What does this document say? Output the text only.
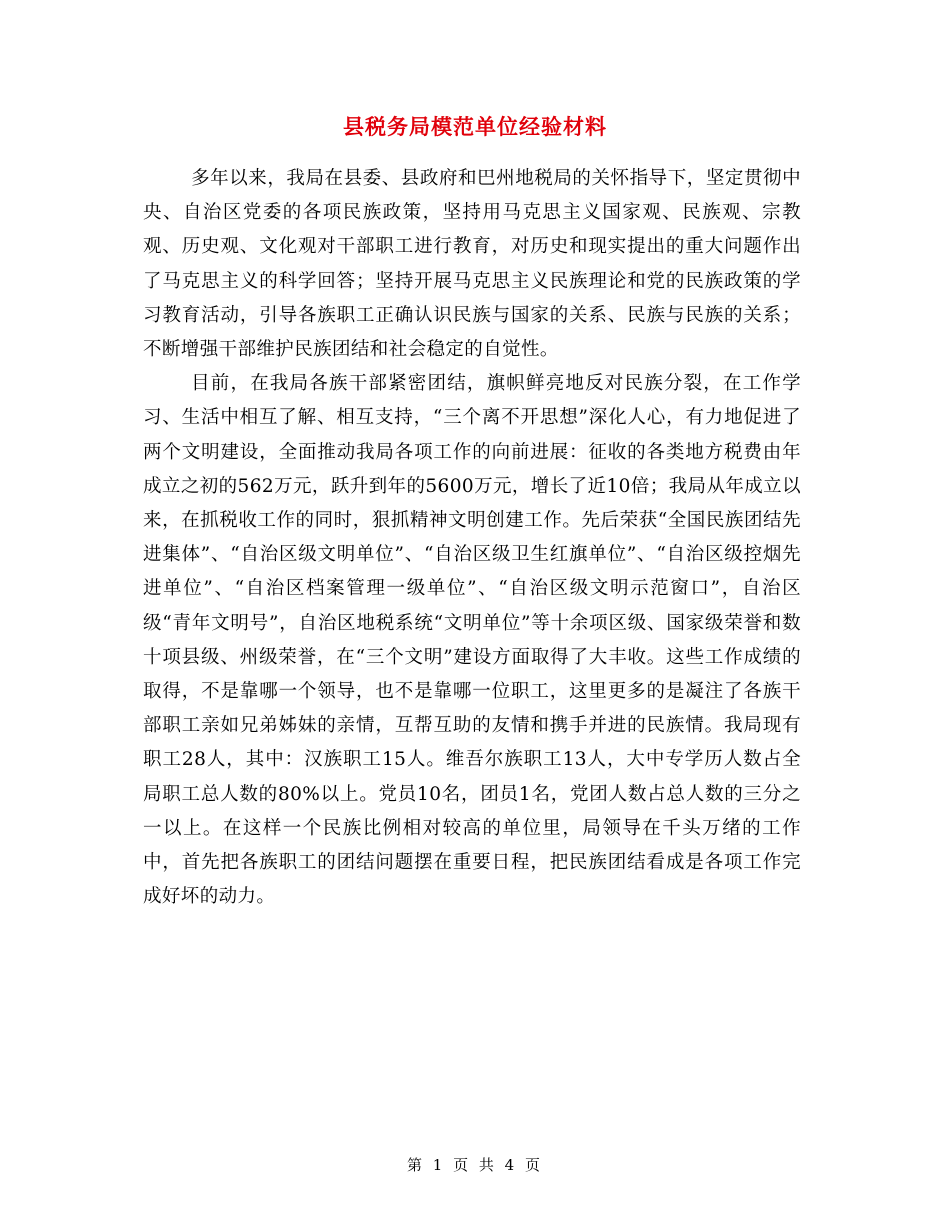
县税务局模范单位经验材料

多年以来，我局在县委、县政府和巴州地税局的关怀指导下，坚定贯彻中央、自治区党委的各项民族政策，坚持用马克思主义国家观、民族观、宗教观、历史观、文化观对干部职工进行教育，对历史和现实提出的重大问题作出了马克思主义的科学回答；坚持开展马克思主义民族理论和党的民族政策的学习教育活动，引导各族职工正确认识民族与国家的关系、民族与民族的关系；不断增强干部维护民族团结和社会稳定的自觉性。

目前，在我局各族干部紧密团结，旗帜鲜亮地反对民族分裂，在工作学习、生活中相互了解、相互支持，“三个离不开思想”深化人心，有力地促进了两个文明建设，全面推动我局各项工作的向前进展：征收的各类地方税费由年成立之初的562万元，跃升到年的5600万元，增长了近10倍；我局从年成立以来，在抓税收工作的同时，狠抓精神文明创建工作。先后荣获“全国民族团结先进集体”、“自治区级文明单位”、“自治区级卫生红旗单位”、“自治区级控烟先进单位”、“自治区档案管理一级单位”、“自治区级文明示范窗口”，自治区级“青年文明号”，自治区地税系统“文明单位”等十余项区级、国家级荣誉和数十项县级、州级荣誉，在“三个文明”建设方面取得了大丰收。这些工作成绩的取得，不是靠哪一个领导，也不是靠哪一位职工，这里更多的是凝注了各族干部职工亲如兄弟姊妹的亲情，互帮互助的友情和携手并进的民族情。我局现有职工28人，其中：汉族职工15人。维吾尔族职工13人，大中专学历人数占全局职工总人数的80%以上。党员10名，团员1名，党团人数占总人数的三分之一以上。在这样一个民族比例相对较高的单位里，局领导在千头万绪的工作中，首先把各族职工的团结问题摆在重要日程，把民族团结看成是各项工作完成好坏的动力。

第 1 页 共 4 页
